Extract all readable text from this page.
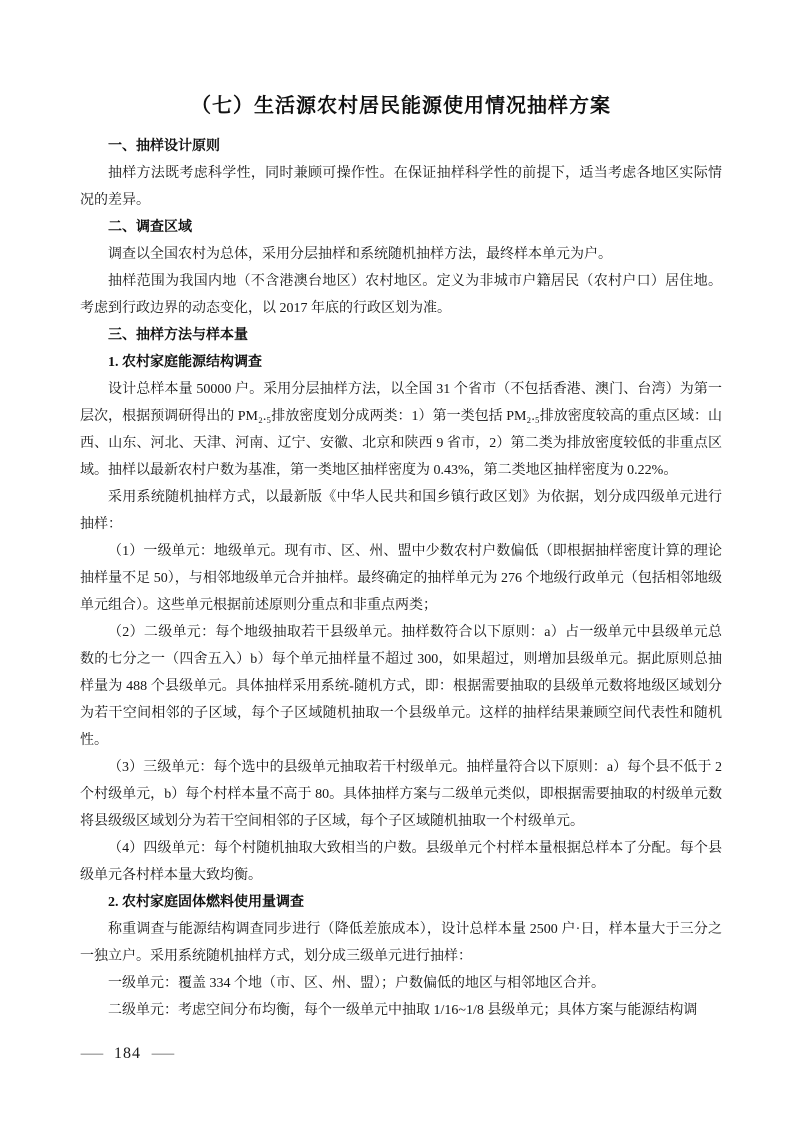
（七）生活源农村居民能源使用情况抽样方案

一、抽样设计原则

抽样方法既考虑科学性，同时兼顾可操作性。在保证抽样科学性的前提下，适当考虑各地区实际情况的差异。

二、调查区域

调查以全国农村为总体，采用分层抽样和系统随机抽样方法，最终样本单元为户。

抽样范围为我国内地（不含港澳台地区）农村地区。定义为非城市户籍居民（农村户口）居住地。考虑到行政边界的动态变化，以 2017 年底的行政区划为准。

三、抽样方法与样本量

1. 农村家庭能源结构调查

设计总样本量 50000 户。采用分层抽样方法，以全国 31 个省市（不包括香港、澳门、台湾）为第一层次，根据预调研得出的 PM₂.₅排放密度划分成两类：1）第一类包括 PM₂.₅排放密度较高的重点区域：山西、山东、河北、天津、河南、辽宁、安徽、北京和陕西 9 省市，2）第二类为排放密度较低的非重点区域。抽样以最新农村户数为基准，第一类地区抽样密度为 0.43%，第二类地区抽样密度为 0.22%。

采用系统随机抽样方式，以最新版《中华人民共和国乡镇行政区划》为依据，划分成四级单元进行抽样：

（1）一级单元：地级单元。现有市、区、州、盟中少数农村户数偏低（即根据抽样密度计算的理论抽样量不足 50），与相邻地级单元合并抽样。最终确定的抽样单元为 276 个地级行政单元（包括相邻地级单元组合）。这些单元根据前述原则分重点和非重点两类；

（2）二级单元：每个地级抽取若干县级单元。抽样数符合以下原则：a）占一级单元中县级单元总数的七分之一（四舍五入）b）每个单元抽样量不超过 300，如果超过，则增加县级单元。据此原则总抽样量为 488 个县级单元。具体抽样采用系统-随机方式，即：根据需要抽取的县级单元数将地级区域划分为若干空间相邻的子区域，每个子区域随机抽取一个县级单元。这样的抽样结果兼顾空间代表性和随机性。

（3）三级单元：每个选中的县级单元抽取若干村级单元。抽样量符合以下原则：a）每个县不低于 2 个村级单元，b）每个村样本量不高于 80。具体抽样方案与二级单元类似，即根据需要抽取的村级单元数将县级级区域划分为若干空间相邻的子区域，每个子区域随机抽取一个村级单元。

（4）四级单元：每个村随机抽取大致相当的户数。县级单元个村样本量根据总样本了分配。每个县级单元各村样本量大致均衡。

2. 农村家庭固体燃料使用量调查

称重调查与能源结构调查同步进行（降低差旅成本），设计总样本量 2500 户·日，样本量大于三分之一独立户。采用系统随机抽样方式，划分成三级单元进行抽样：

一级单元：覆盖 334 个地（市、区、州、盟）；户数偏低的地区与相邻地区合并。

二级单元：考虑空间分布均衡，每个一级单元中抽取 1/16~1/8 县级单元；具体方案与能源结构调

— 184 —
